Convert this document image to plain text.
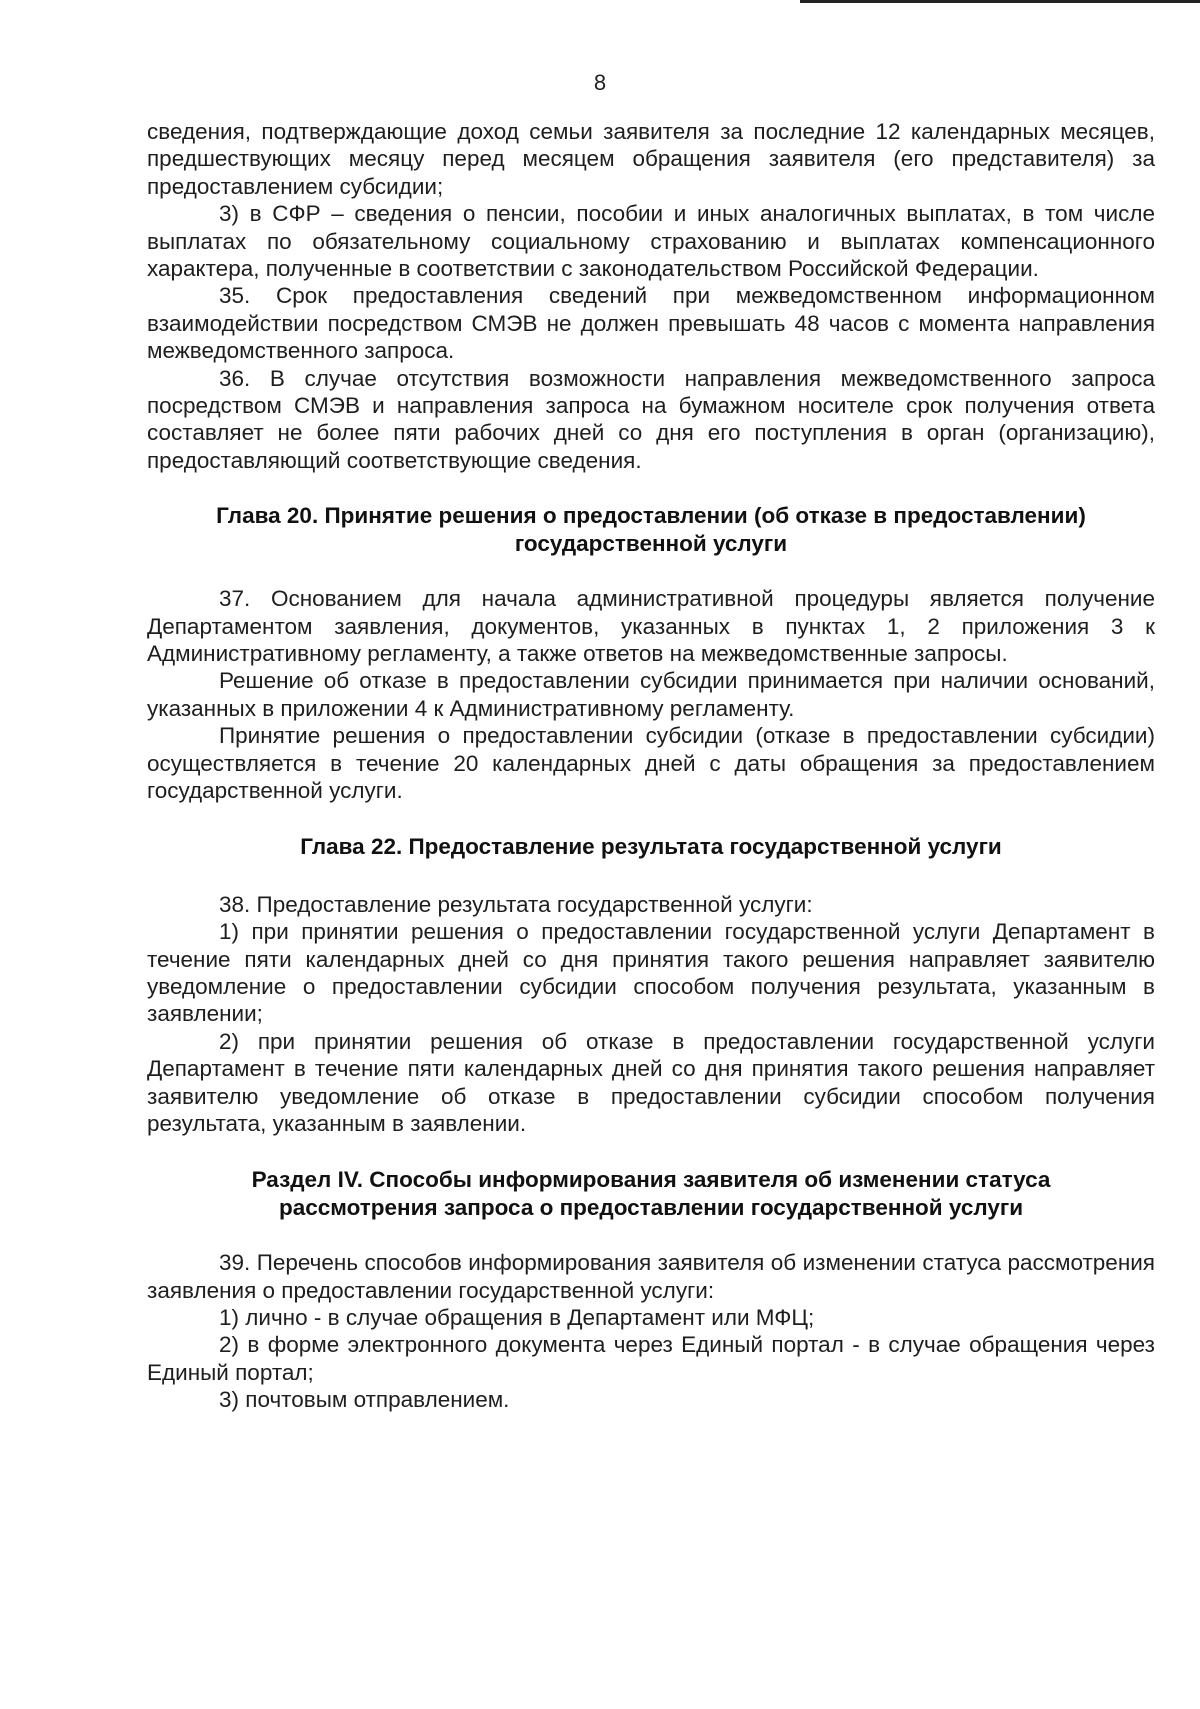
8

сведения, подтверждающие доход семьи заявителя за последние 12 календарных месяцев, предшествующих месяцу перед месяцем обращения заявителя (его представителя) за предоставлением субсидии;

3) в СФР – сведения о пенсии, пособии и иных аналогичных выплатах, в том числе выплатах по обязательному социальному страхованию и выплатах компенсационного характера, полученные в соответствии с законодательством Российской Федерации.

35. Срок предоставления сведений при межведомственном информационном взаимодействии посредством СМЭВ не должен превышать 48 часов с момента направления межведомственного запроса.

36. В случае отсутствия возможности направления межведомственного запроса посредством СМЭВ и направления запроса на бумажном носителе срок получения ответа составляет не более пяти рабочих дней со дня его поступления в орган (организацию), предоставляющий соответствующие сведения.

Глава 20. Принятие решения о предоставлении (об отказе в предоставлении)
государственной услуги

37. Основанием для начала административной процедуры является получение Департаментом заявления, документов, указанных в пунктах 1, 2 приложения 3 к Административному регламенту, а также ответов на межведомственные запросы.

Решение об отказе в предоставлении субсидии принимается при наличии оснований, указанных в приложении 4 к Административному регламенту.

Принятие решения о предоставлении субсидии (отказе в предоставлении субсидии) осуществляется в течение 20 календарных дней с даты обращения за предоставлением государственной услуги.

Глава 22. Предоставление результата государственной услуги

38. Предоставление результата государственной услуги:

1) при принятии решения о предоставлении государственной услуги Департамент в течение пяти календарных дней со дня принятия такого решения направляет заявителю уведомление о предоставлении субсидии способом получения результата, указанным в заявлении;

2) при принятии решения об отказе в предоставлении государственной услуги Департамент в течение пяти календарных дней со дня принятия такого решения направляет заявителю уведомление об отказе в предоставлении субсидии способом получения результата, указанным в заявлении.

Раздел IV. Способы информирования заявителя об изменении статуса
рассмотрения запроса о предоставлении государственной услуги

39. Перечень способов информирования заявителя об изменении статуса рассмотрения заявления о предоставлении государственной услуги:

1) лично - в случае обращения в Департамент или МФЦ;

2) в форме электронного документа через Единый портал - в случае обращения через Единый портал;

3) почтовым отправлением.
